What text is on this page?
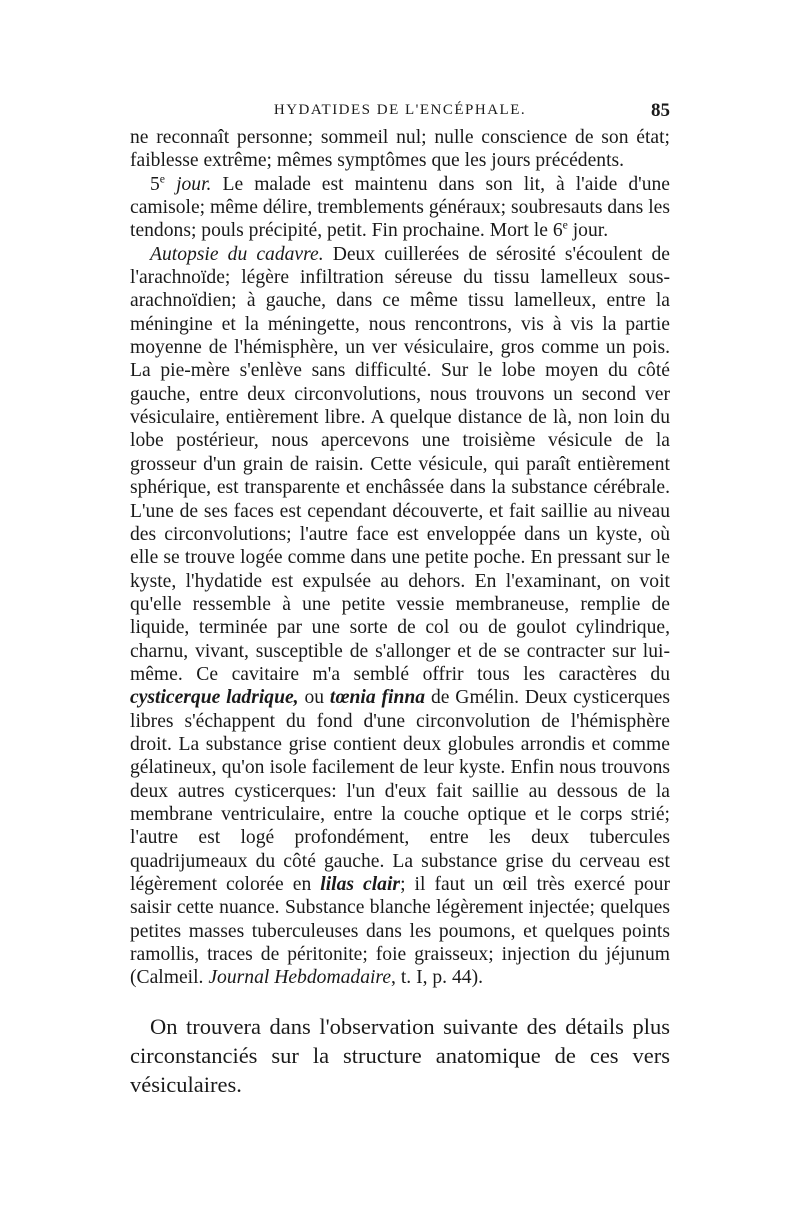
HYDATIDES DE L'ENCÉPHALE.	85

ne reconnaît personne; sommeil nul; nulle conscience de son état; faiblesse extrême; mêmes symptômes que les jours précédents.

5e jour. Le malade est maintenu dans son lit, à l'aide d'une camisole; même délire, tremblements généraux; soubresauts dans les tendons; pouls précipité, petit. Fin prochaine. Mort le 6e jour.

Autopsie du cadavre. Deux cuillerées de sérosité s'écoulent de l'arachnoïde; légère infiltration séreuse du tissu lamelleux sous-arachnoïdien; à gauche, dans ce même tissu lamelleux, entre la méningine et la méningette, nous rencontrons, vis à vis la partie moyenne de l'hémisphère, un ver vésiculaire, gros comme un pois. La pie-mère s'enlève sans difficulté. Sur le lobe moyen du côté gauche, entre deux circonvolutions, nous trouvons un second ver vésiculaire, entièrement libre. A quelque distance de là, non loin du lobe postérieur, nous apercevons une troisième vésicule de la grosseur d'un grain de raisin. Cette vésicule, qui paraît entièrement sphérique, est transparente et enchâssée dans la substance cérébrale. L'une de ses faces est cependant découverte, et fait saillie au niveau des circonvolutions; l'autre face est enveloppée dans un kyste, où elle se trouve logée comme dans une petite poche. En pressant sur le kyste, l'hydatide est expulsée au dehors. En l'examinant, on voit qu'elle ressemble à une petite vessie membraneuse, remplie de liquide, terminée par une sorte de col ou de goulot cylindrique, charnu, vivant, susceptible de s'allonger et de se contracter sur lui-même. Ce cavitaire m'a semblé offrir tous les caractères du cysticerque ladrique, ou tœnia finna de Gmélin. Deux cysticerques libres s'échappent du fond d'une circonvolution de l'hémisphère droit. La substance grise contient deux globules arrondis et comme gélatineux, qu'on isole facilement de leur kyste. Enfin nous trouvons deux autres cysticerques: l'un d'eux fait saillie au dessous de la membrane ventriculaire, entre la couche optique et le corps strié; l'autre est logé profondément, entre les deux tubercules quadrijumeaux du côté gauche. La substance grise du cerveau est légèrement colorée en lilas clair; il faut un œil très exercé pour saisir cette nuance. Substance blanche légèrement injectée; quelques petites masses tuberculeuses dans les poumons, et quelques points ramollis, traces de péritonite; foie graisseux; injection du jéjunum (Calmeil. Journal Hebdomadaire, t. I, p. 44).

On trouvera dans l'observation suivante des détails plus circonstanciés sur la structure anatomique de ces vers vésiculaires.
